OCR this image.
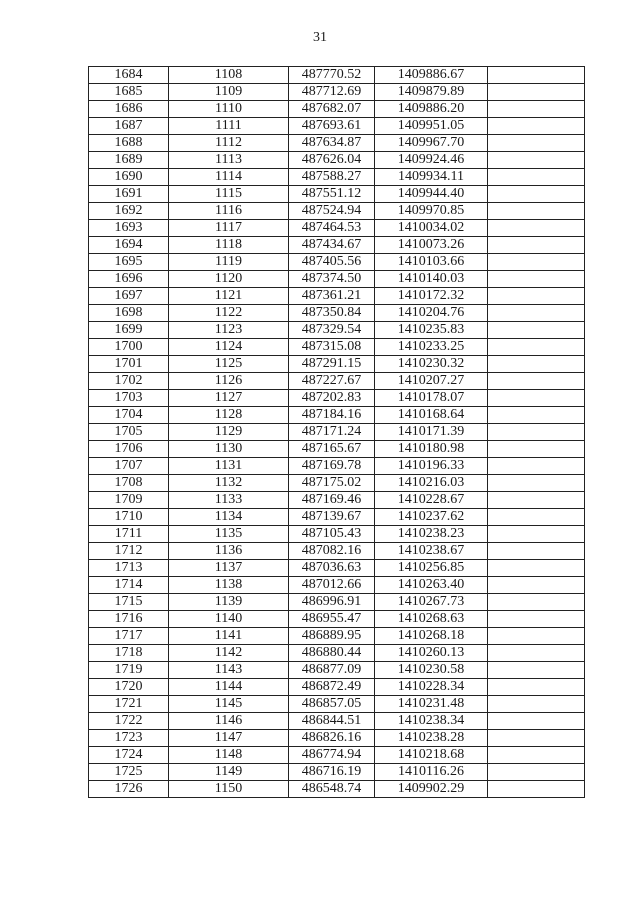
31
1684	1108	487770.52	1409886.67	
1685	1109	487712.69	1409879.89	
1686	1110	487682.07	1409886.20	
1687	1111	487693.61	1409951.05	
1688	1112	487634.87	1409967.70	
1689	1113	487626.04	1409924.46	
1690	1114	487588.27	1409934.11	
1691	1115	487551.12	1409944.40	
1692	1116	487524.94	1409970.85	
1693	1117	487464.53	1410034.02	
1694	1118	487434.67	1410073.26	
1695	1119	487405.56	1410103.66	
1696	1120	487374.50	1410140.03	
1697	1121	487361.21	1410172.32	
1698	1122	487350.84	1410204.76	
1699	1123	487329.54	1410235.83	
1700	1124	487315.08	1410233.25	
1701	1125	487291.15	1410230.32	
1702	1126	487227.67	1410207.27	
1703	1127	487202.83	1410178.07	
1704	1128	487184.16	1410168.64	
1705	1129	487171.24	1410171.39	
1706	1130	487165.67	1410180.98	
1707	1131	487169.78	1410196.33	
1708	1132	487175.02	1410216.03	
1709	1133	487169.46	1410228.67	
1710	1134	487139.67	1410237.62	
1711	1135	487105.43	1410238.23	
1712	1136	487082.16	1410238.67	
1713	1137	487036.63	1410256.85	
1714	1138	487012.66	1410263.40	
1715	1139	486996.91	1410267.73	
1716	1140	486955.47	1410268.63	
1717	1141	486889.95	1410268.18	
1718	1142	486880.44	1410260.13	
1719	1143	486877.09	1410230.58	
1720	1144	486872.49	1410228.34	
1721	1145	486857.05	1410231.48	
1722	1146	486844.51	1410238.34	
1723	1147	486826.16	1410238.28	
1724	1148	486774.94	1410218.68	
1725	1149	486716.19	1410116.26	
1726	1150	486548.74	1409902.29	
